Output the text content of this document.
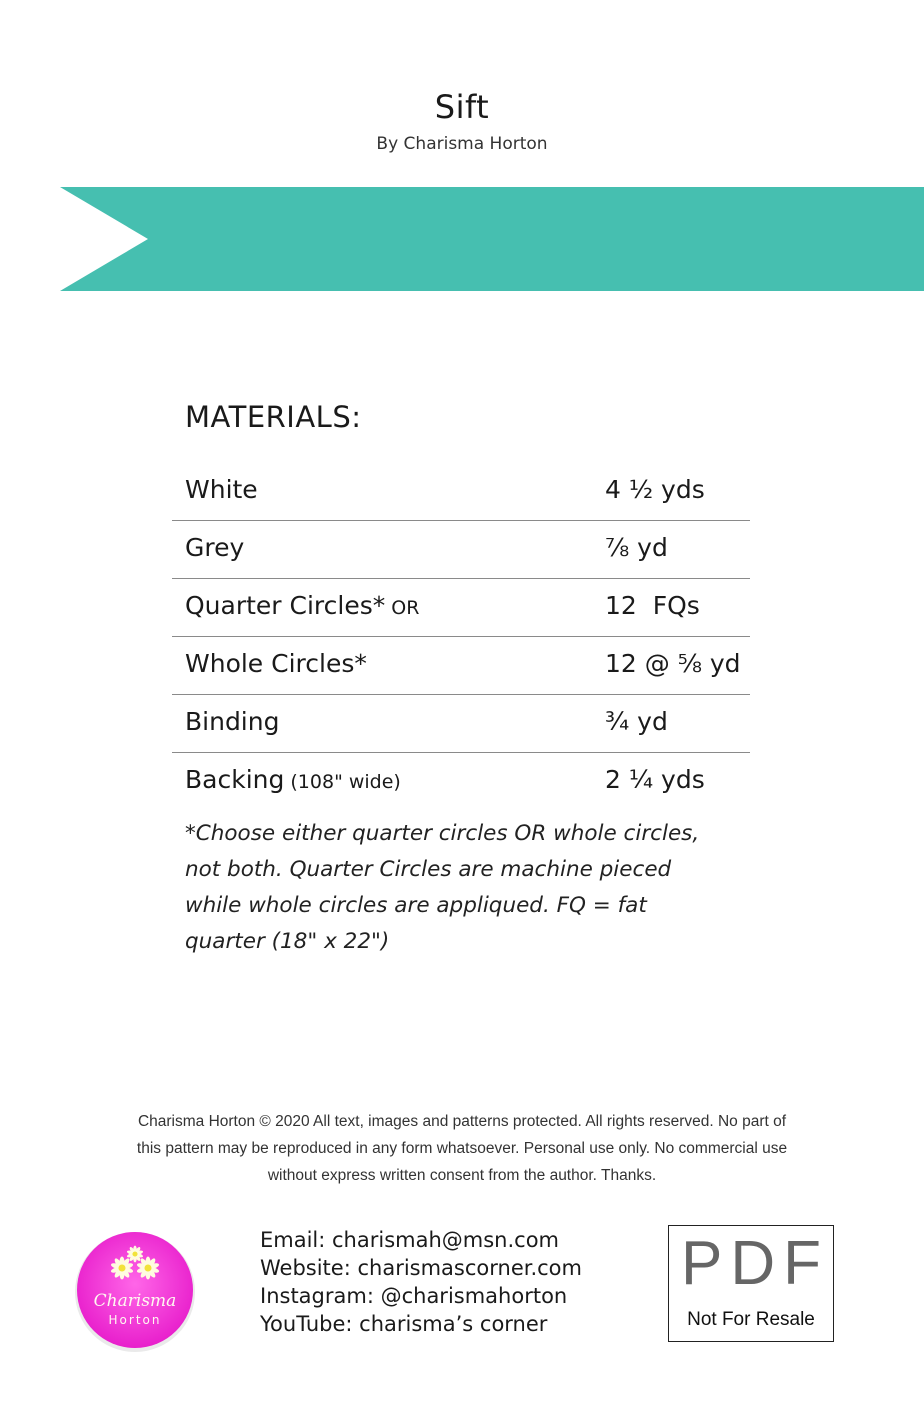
Sift
By Charisma Horton
MATERIALS:
White	4 ½ yds
Grey	⅞ yd
Quarter Circles* OR	12  FQs
Whole Circles*	12 @ ⅝ yd
Binding	¾ yd
Backing (108" wide)	2 ¼ yds
*Choose either quarter circles OR whole circles,
not both. Quarter Circles are machine pieced
while whole circles are appliqued. FQ = fat
quarter (18" x 22")
Charisma Horton © 2020 All text, images and patterns protected. All rights reserved. No part of
this pattern may be reproduced in any form whatsoever. Personal use only. No commercial use
without express written consent from the author. Thanks.
Charisma
Horton
Email: charismah@msn.com
Website: charismascorner.com
Instagram: @charismahorton
YouTube: charisma’s corner
PDF
Not For Resale
